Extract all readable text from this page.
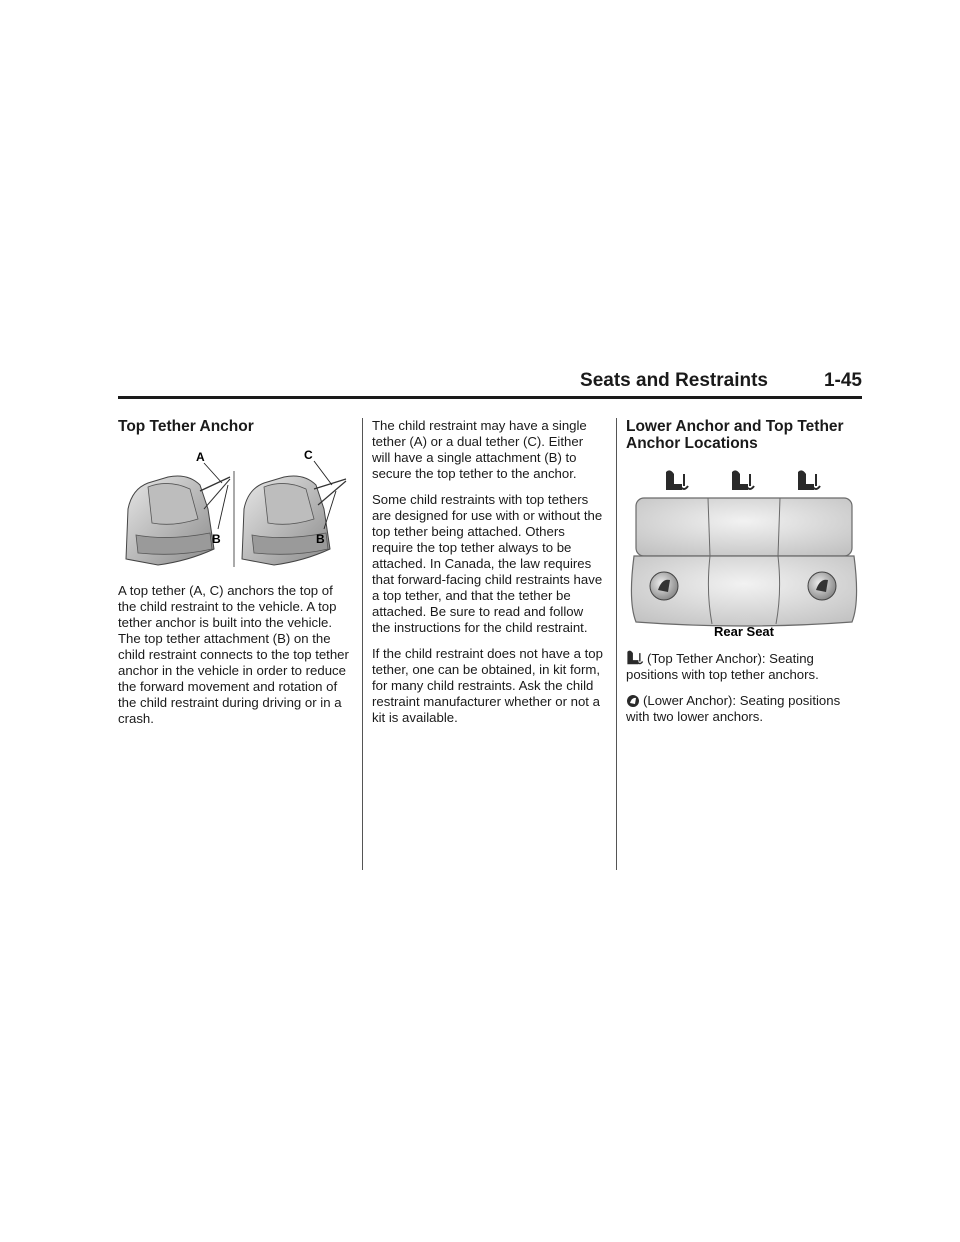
Seats and Restraints	1-45
Top Tether Anchor
A
B
C
B

A top tether (A, C) anchors the top of the child restraint to the vehicle. A top tether anchor is built into the vehicle. The top tether attachment (B) on the child restraint connects to the top tether anchor in the vehicle in order to reduce the forward movement and rotation of the child restraint during driving or in a crash.

The child restraint may have a single tether (A) or a dual tether (C). Either will have a single attachment (B) to secure the top tether to the anchor.

Some child restraints with top tethers are designed for use with or without the top tether being attached. Others require the top tether always to be attached. In Canada, the law requires that forward-facing child restraints have a top tether, and that the tether be attached. Be sure to read and follow the instructions for the child restraint.

If the child restraint does not have a top tether, one can be obtained, in kit form, for many child restraints. Ask the child restraint manufacturer whether or not a kit is available.

Lower Anchor and Top Tether Anchor Locations
Rear Seat

(Top Tether Anchor): Seating positions with top tether anchors.

(Lower Anchor): Seating positions with two lower anchors.
